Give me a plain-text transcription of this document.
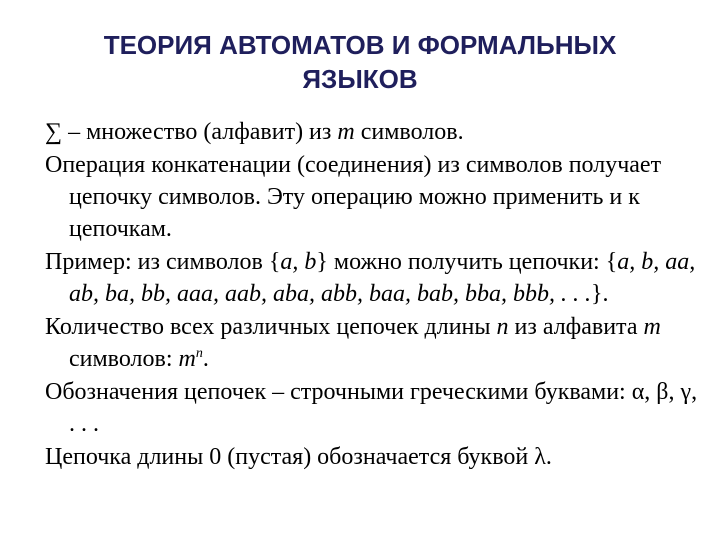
ТЕОРИЯ АВТОМАТОВ И ФОРМАЛЬНЫХ
ЯЗЫКОВ

∑ – множество (алфавит) из m символов.

Операция конкатенации (соединения) из символов получает цепочку символов. Эту операцию можно применить и к цепочкам.

Пример: из символов {a, b} можно получить цепочки: {a, b, aa, ab, ba, bb, aaa, aab, aba, abb, baa, bab, bba, bbb, . . .}.

Количество всех различных цепочек длины n из алфавита m символов: $m^n$.

Обозначения цепочек – строчными греческими буквами: α, β, γ, . . .

Цепочка длины 0 (пустая) обозначается буквой λ.
